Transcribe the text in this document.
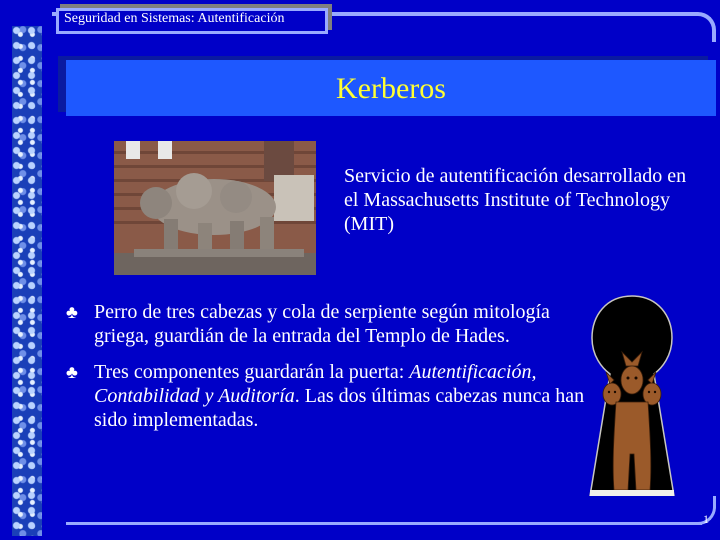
Seguridad en Sistemas: Autentificación
Kerberos
Servicio de autentificación desarrollado en el Massachusetts Institute of Technology (MIT)
♣ Perro de tres cabezas y cola de serpiente según mitología griega, guardián de la entrada del Templo de Hades.
♣ Tres componentes guardarán la puerta: Autentificación, Contabilidad y Auditoría. Las dos últimas cabezas nunca han sido implementadas.
1
